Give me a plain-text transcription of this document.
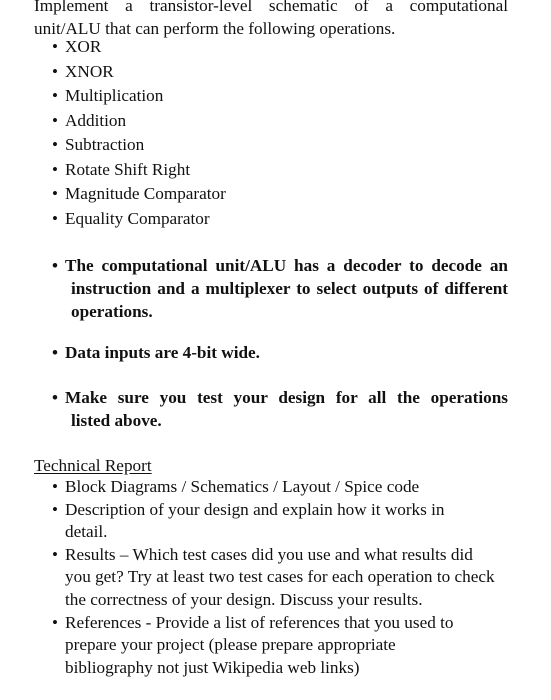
Implement a transistor-level schematic of a computational
unit/ALU that can perform the following operations.
• XOR
• XNOR
• Multiplication
• Addition
• Subtraction
• Rotate Shift Right
• Magnitude Comparator
• Equality Comparator
• The computational unit/ALU has a decoder to decode an
instruction and a multiplexer to select outputs of different operations.
• Data inputs are 4-bit wide.
• Make sure you test your design for all the operations
listed above.
Technical Report
• Block Diagrams / Schematics / Layout / Spice code
• Description of your design and explain how it works in detail.
• Results – Which test cases did you use and what results did you get? Try at least two test cases for each operation to check the correctness of your design. Discuss your results.
• References - Provide a list of references that you used to prepare your project (please prepare appropriate bibliography not just Wikipedia web links)
